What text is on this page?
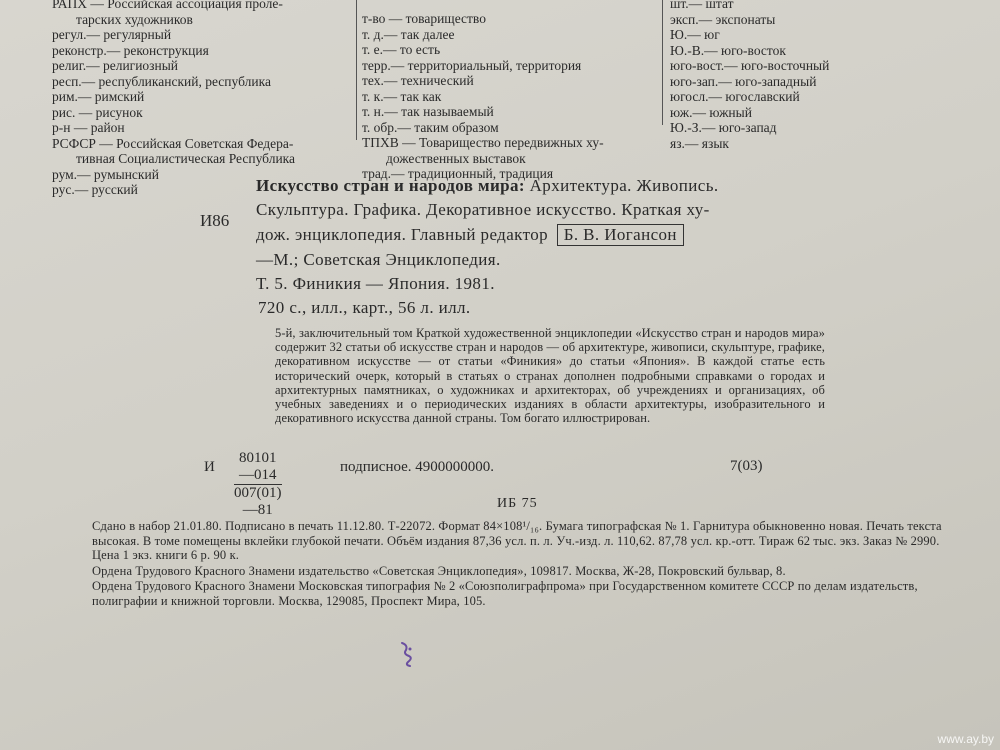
РАПХ — Российская ассоциация проле-
тарских художников
регул.— регулярный
реконстр.— реконструкция
религ.— религиозный
респ.— республиканский, республика
рим.— римский
рис. — рисунок
р-н — район
РСФСР — Российская Советская Федера-
тивная Социалистическая Республика
рум.— румынский
рус.— русский
т-во — товарищество
т. д.— так далее
т. е.— то есть
терр.— территориальный, территория
тех.— технический
т. к.— так как
т. н.— так называемый
т. обр.— таким образом
ТПХВ — Товарищество передвижных ху-
дожественных выставок
трад.— традиционный, традиция
шт.— штат
эксп.— экспонаты
Ю.— юг
Ю.-В.— юго-восток
юго-вост.— юго-восточный
юго-зап.— юго-западный
югосл.— югославский
юж.— южный
Ю.-З.— юго-запад
яз.— язык
И86
Искусство стран и народов мира: Архитектура. Живопись.
Скульптура. Графика. Декоративное искусство. Краткая ху-
дож. энциклопедия. Главный редактор Б. В. Иогансон
—М.; Советская Энциклопедия.
Т. 5. Финикия — Япония. 1981.
720 с., илл., карт., 56 л. илл.

5-й, заключительный том Краткой художественной энциклопедии «Искусство стран и народов мира» содержит 32 статьи об искусстве стран и народов — об архитектуре, живописи, скульптуре, графике, декоративном искусстве — от статьи «Финикия» до статьи «Япония». В каждой статье есть исторический очерк, который в статьях о странах дополнен подробными справками о городах и архитектурных памятниках, о художниках и архитекторах, об учреждениях и организациях, об учебных заведениях и о периодических изданиях в области архитектуры, изобразительного и декоративного искусства данной страны. Том богато иллюстрирован.

И $\frac{80101—014}{007(01)—81}$	подписное. 4900000000.	7(03)
ИБ 75

Сдано в набор 21.01.80. Подписано в печать 11.12.80. Т-22072. Формат 84×108¹/₁₆. Бумага типографская № 1. Гарнитура обыкновенно новая. Печать текста высокая. В томе помещены вклейки глубокой печати. Объём издания 87,36 усл. п. л. Уч.-изд. л. 110,62. 87,78 усл. кр.-отт. Тираж 62 тыс. экз. Заказ № 2990. Цена 1 экз. книги 6 р. 90 к.

Ордена Трудового Красного Знамени издательство «Советская Энциклопедия», 109817. Москва, Ж-28, Покровский бульвар, 8.

Ордена Трудового Красного Знамени Московская типография № 2 «Союзполиграфпрома» при Государственном комитете СССР по делам издательств, полиграфии и книжной торговли. Москва, 129085, Проспект Мира, 105.

www.ay.by
